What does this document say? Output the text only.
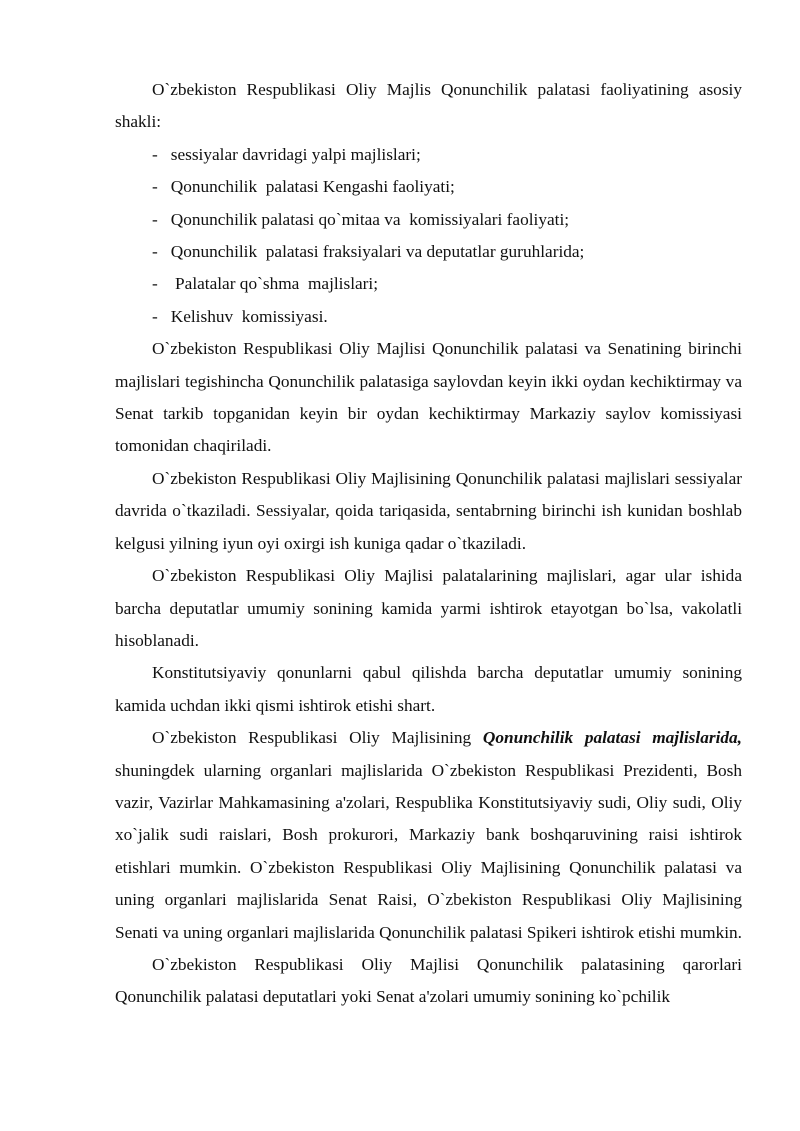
O`zbekiston Respublikasi Oliy Majlis Qonunchilik palatasi faoliyatining asosiy shakli:

-   sessiyalar davridagi yalpi majlislari;
-   Qonunchilik  palatasi Kengashi faoliyati;
-   Qonunchilik palatasi qo`mitaa va  komissiyalari faoliyati;
-   Qonunchilik  palatasi fraksiyalari va deputatlar guruhlarida;
-    Palatalar qo`shma  majlislari;
-   Kelishuv  komissiyasi.

O`zbekiston Respublikasi Oliy Majlisi Qonunchilik palatasi va Senatining birinchi majlislari tegishincha Qonunchilik palatasiga saylovdan keyin ikki oydan kechiktirmay va Senat tarkib topganidan keyin bir oydan kechiktirmay Markaziy saylov komissiyasi tomonidan chaqiriladi.

O`zbekiston Respublikasi Oliy Majlisining Qonunchilik palatasi majlislari sessiyalar davrida o`tkaziladi. Sessiyalar, qoida tariqasida, sentabrning birinchi ish kunidan boshlab kelgusi yilning iyun oyi oxirgi ish kuniga qadar o`tkaziladi.

O`zbekiston Respublikasi Oliy Majlisi palatalarining majlislari, agar ular ishida barcha deputatlar umumiy sonining kamida yarmi ishtirok etayotgan bo`lsa, vakolatli hisoblanadi.

Konstitutsiyaviy qonunlarni qabul qilishda barcha deputatlar umumiy sonining kamida uchdan ikki qismi ishtirok etishi shart.

O`zbekiston Respublikasi Oliy Majlisining Qonunchilik palatasi majlislarida, shuningdek ularning organlari majlislarida O`zbekiston Respublikasi Prezidenti, Bosh vazir, Vazirlar Mahkamasining a'zolari, Respublika Konstitutsiyaviy sudi, Oliy sudi, Oliy xo`jalik sudi raislari, Bosh prokurori, Markaziy bank boshqaruvining raisi ishtirok etishlari mumkin. O`zbekiston Respublikasi Oliy Majlisining Qonunchilik palatasi va uning organlari majlislarida Senat Raisi, O`zbekiston Respublikasi Oliy Majlisining Senati va uning organlari majlislarida Qonunchilik palatasi Spikeri ishtirok etishi mumkin.

O`zbekiston Respublikasi Oliy Majlisi Qonunchilik palatasining qarorlari Qonunchilik palatasi deputatlari yoki Senat a'zolari umumiy sonining ko`pchilik
